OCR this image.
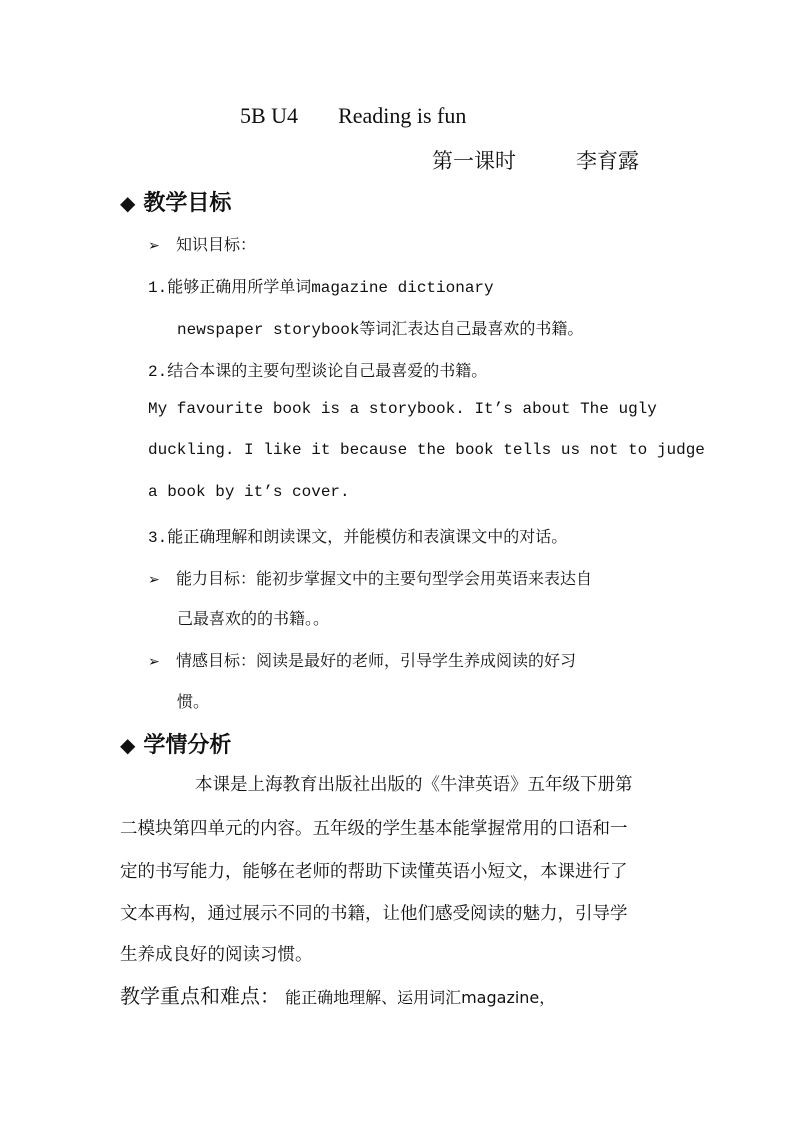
5B U4 Reading is fun
第一课时	李育露
◆ 教学目标
➢ 知识目标：
1.能够正确用所学单词magazine dictionary
newspaper storybook等词汇表达自己最喜欢的书籍。
2.结合本课的主要句型谈论自己最喜爱的书籍。
My favourite book is a storybook. It’s about The ugly
duckling. I like it because the book tells us not to judge
a book by it’s cover.
3.能正确理解和朗读课文，并能模仿和表演课文中的对话。
➢ 能力目标：能初步掌握文中的主要句型学会用英语来表达自
己最喜欢的的书籍。。
➢ 情感目标：阅读是最好的老师，引导学生养成阅读的好习
惯。
◆ 学情分析
本课是上海教育出版社出版的《牛津英语》五年级下册第
二模块第四单元的内容。五年级的学生基本能掌握常用的口语和一
定的书写能力，能够在老师的帮助下读懂英语小短文，本课进行了
文本再构，通过展示不同的书籍，让他们感受阅读的魅力，引导学
生养成良好的阅读习惯。
教学重点和难点： 能正确地理解、运用词汇magazine，
